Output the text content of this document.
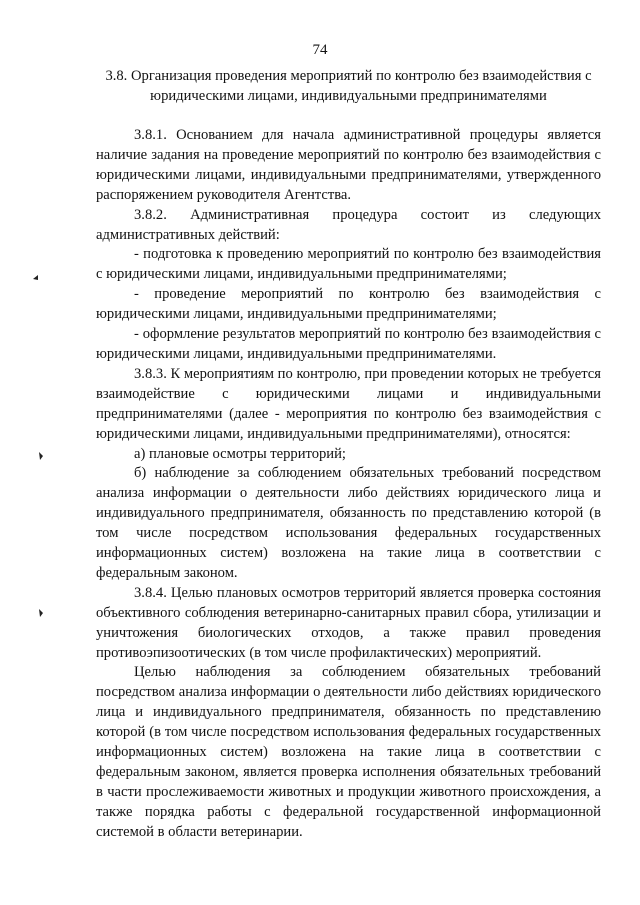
74
3.8. Организация проведения мероприятий по контролю без взаимодействия с юридическими лицами, индивидуальными предпринимателями

3.8.1. Основанием для начала административной процедуры является наличие задания на проведение мероприятий по контролю без взаимодействия с юридическими лицами, индивидуальными предпринимателями, утвержденного распоряжением руководителя Агентства.

3.8.2. Административная процедура состоит из следующих административных действий:

- подготовка к проведению мероприятий по контролю без взаимодействия с юридическими лицами, индивидуальными предпринимателями;

- проведение мероприятий по контролю без взаимодействия с юридическими лицами, индивидуальными предпринимателями;

- оформление результатов мероприятий по контролю без взаимодействия с юридическими лицами, индивидуальными предпринимателями.

3.8.3. К мероприятиям по контролю, при проведении которых не требуется взаимодействие с юридическими лицами и индивидуальными предпринимателями (далее - мероприятия по контролю без взаимодействия с юридическими лицами, индивидуальными предпринимателями), относятся:

а) плановые осмотры территорий;

б) наблюдение за соблюдением обязательных требований посредством анализа информации о деятельности либо действиях юридического лица и индивидуального предпринимателя, обязанность по представлению которой (в том числе посредством использования федеральных государственных информационных систем) возложена на такие лица в соответствии с федеральным законом.

3.8.4. Целью плановых осмотров территорий является проверка состояния объективного соблюдения ветеринарно-санитарных правил сбора, утилизации и уничтожения биологических отходов, а также правил проведения противоэпизоотических (в том числе профилактических) мероприятий.

Целью наблюдения за соблюдением обязательных требований посредством анализа информации о деятельности либо действиях юридического лица и индивидуального предпринимателя, обязанность по представлению которой (в том числе посредством использования федеральных государственных информационных систем) возложена на такие лица в соответствии с федеральным законом, является проверка исполнения обязательных требований в части прослеживаемости животных и продукции животного происхождения, а также порядка работы с федеральной государственной информационной системой в области ветеринарии.
